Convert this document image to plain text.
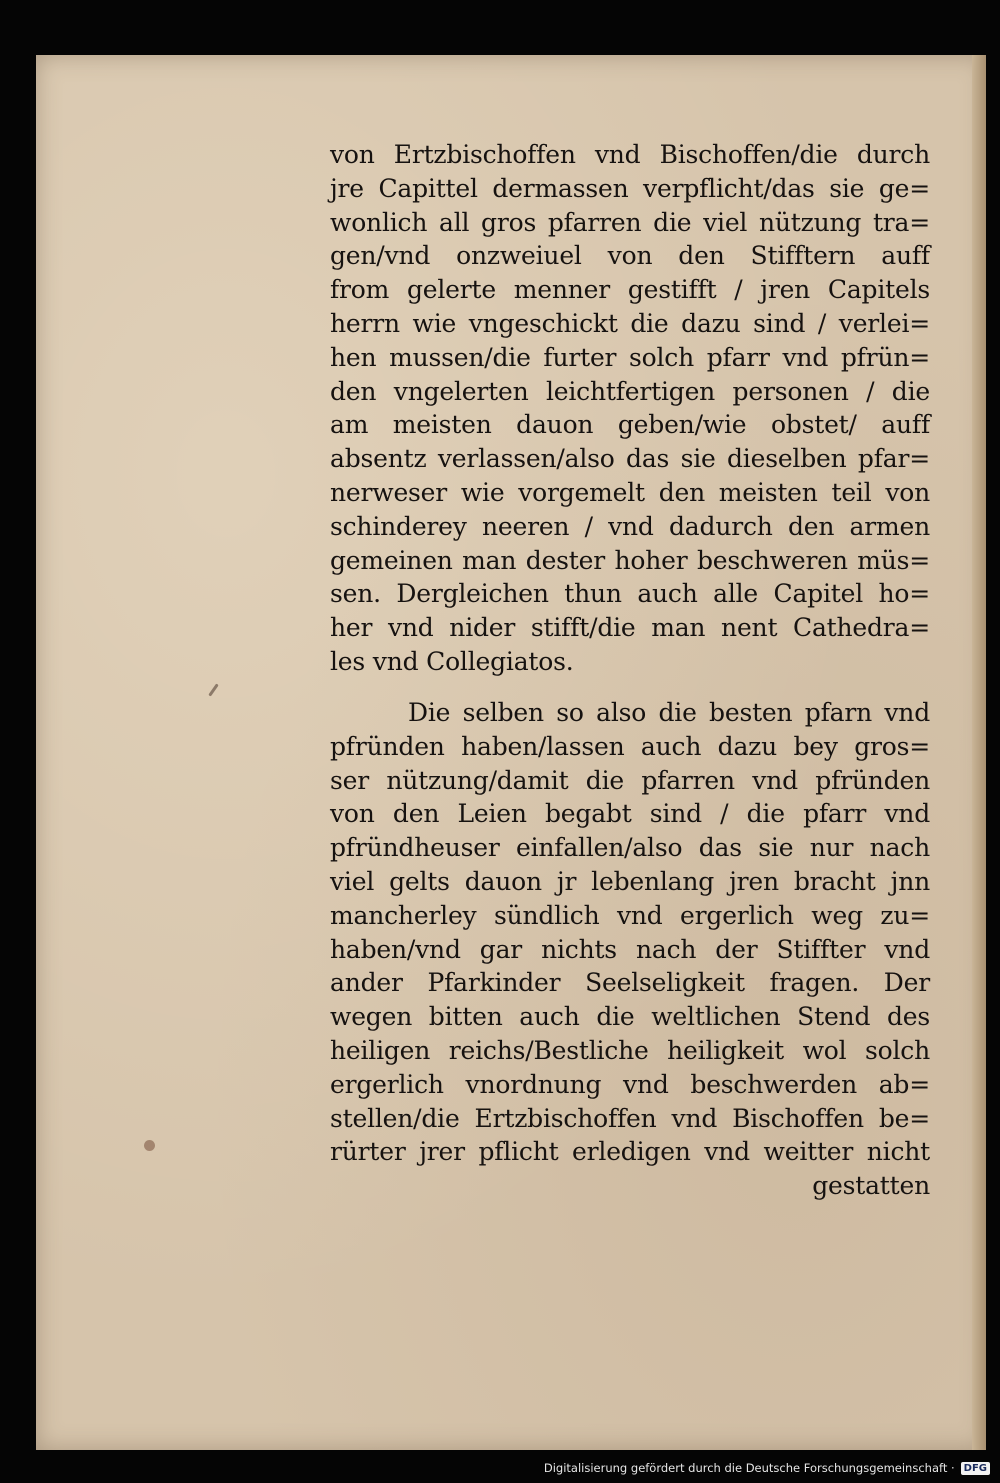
von Ertzbischoffen vnd Bischoffen/die durch
jre Capittel dermassen verpflicht/das sie ge=
wonlich all gros pfarren die viel nützung tra=
gen/vnd onzweiuel von den Stifftern auff
from gelerte menner gestifft / jren Capitels
herrn wie vngeschickt die dazu sind / verlei=
hen mussen/die furter solch pfarr vnd pfrün=
den vngelerten leichtfertigen personen / die
am meisten dauon geben/wie obstet/ auff
absentz verlassen/also das sie dieselben pfar=
nerweser wie vorgemelt den meisten teil von
schinderey neeren / vnd dadurch den armen
gemeinen man dester hoher beschweren müs=
sen. Dergleichen thun auch alle Capitel ho=
her vnd nider stifft/die man nent Cathedra=
les vnd Collegiatos.
Die selben so also die besten pfarn vnd
pfründen haben/lassen auch dazu bey gros=
ser nützung/damit die pfarren vnd pfründen
von den Leien begabt sind / die pfarr vnd
pfründheuser einfallen/also das sie nur nach
viel gelts dauon jr lebenlang jren bracht jnn
mancherley sündlich vnd ergerlich weg zu=
haben/vnd gar nichts nach der Stiffter vnd
ander Pfarkinder Seelseligkeit fragen. Der
wegen bitten auch die weltlichen Stend des
heiligen reichs/Bestliche heiligkeit wol solch
ergerlich vnordnung vnd beschwerden ab=
stellen/die Ertzbischoffen vnd Bischoffen be=
rürter jrer pflicht erledigen vnd weitter nicht
gestatten
Digitalisierung gefördert durch die Deutsche Forschungsgemeinschaft · DFG
